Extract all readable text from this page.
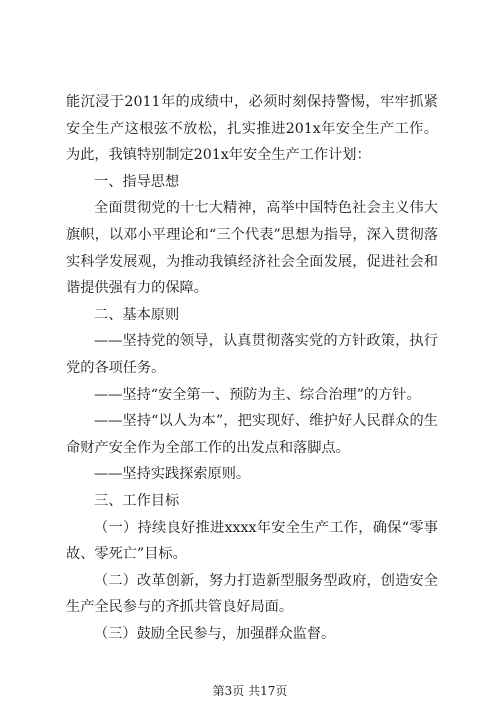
能沉浸于2011年的成绩中，必须时刻保持警惕，牢牢抓紧安全生产这根弦不放松，扎实推进201x年安全生产工作。为此，我镇特别制定201x年安全生产工作计划：

一、指导思想

全面贯彻党的十七大精神，高举中国特色社会主义伟大旗帜，以邓小平理论和“三个代表”思想为指导，深入贯彻落实科学发展观，为推动我镇经济社会全面发展，促进社会和谐提供强有力的保障。

二、基本原则

——坚持党的领导，认真贯彻落实党的方针政策，执行党的各项任务。

——坚持“安全第一、预防为主、综合治理”的方针。

——坚持“以人为本”，把实现好、维护好人民群众的生命财产安全作为全部工作的出发点和落脚点。

——坚持实践探索原则。

三、工作目标

（一）持续良好推进xxxx年安全生产工作，确保“零事故、零死亡”目标。

（二）改革创新，努力打造新型服务型政府，创造安全生产全民参与的齐抓共管良好局面。

（三）鼓励全民参与，加强群众监督。

第3页 共17页
